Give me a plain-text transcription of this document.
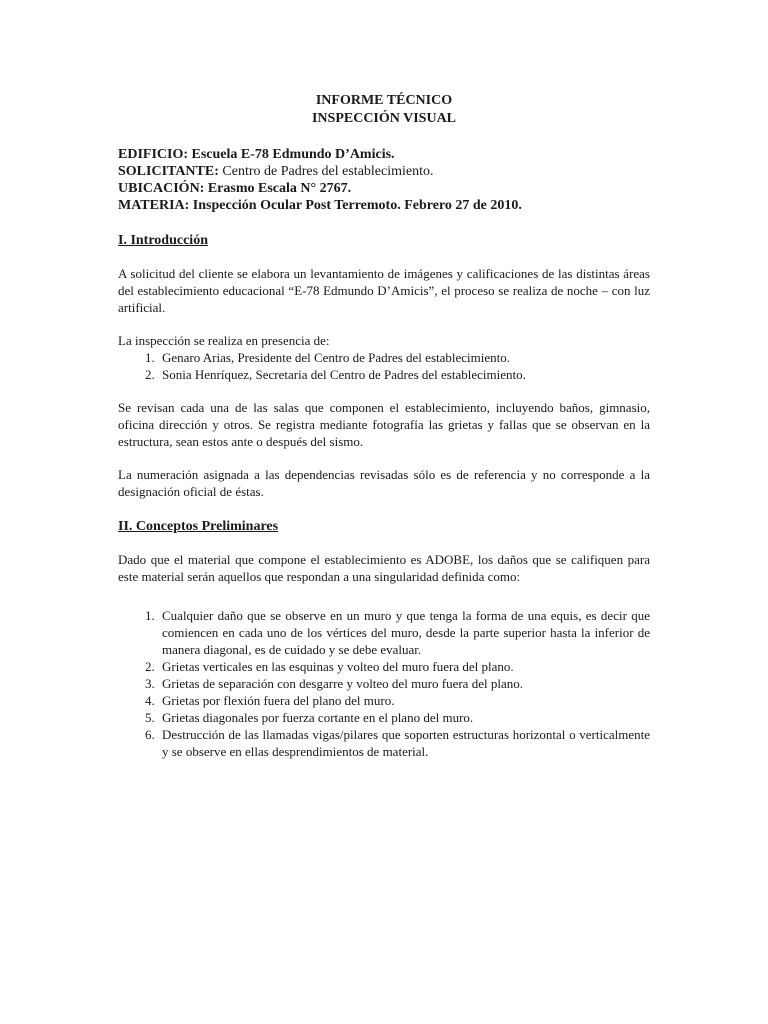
INFORME TÉCNICO
INSPECCIÓN VISUAL
EDIFICIO: Escuela E-78 Edmundo D’Amicis.
SOLICITANTE: Centro de Padres del establecimiento.
UBICACIÓN: Erasmo Escala N° 2767.
MATERIA: Inspección Ocular Post Terremoto. Febrero 27 de 2010.
I. Introducción

A solicitud del cliente se elabora un levantamiento de imágenes y calificaciones de las distintas áreas del establecimiento educacional “E-78 Edmundo D’Amicis”, el proceso se realiza de noche – con luz artificial.

La inspección se realiza en presencia de:

1. Genaro Arias, Presidente del Centro de Padres del establecimiento.
2. Sonia Henríquez, Secretaria del Centro de Padres del establecimiento.

Se revisan cada una de las salas que componen el establecimiento, incluyendo baños, gimnasio, oficina dirección y otros. Se registra mediante fotografía las grietas y fallas que se observan en la estructura, sean estos ante o después del sismo.

La numeración asignada a las dependencias revisadas sólo es de referencia y no corresponde a la designación oficial de éstas.

II. Conceptos Preliminares

Dado que el material que compone el establecimiento es ADOBE, los daños que se califiquen para este material serán aquellos que respondan a una singularidad definida como:

1. Cualquier daño que se observe en un muro y que tenga la forma de una equis, es decir que comiencen en cada uno de los vértices del muro, desde la parte superior hasta la inferior de manera diagonal, es de cuidado y se debe evaluar.
2. Grietas verticales en las esquinas y volteo del muro fuera del plano.
3. Grietas de separación con desgarre y volteo del muro fuera del plano.
4. Grietas por flexión fuera del plano del muro.
5. Grietas diagonales por fuerza cortante en el plano del muro.
6. Destrucción de las llamadas vigas/pilares que soporten estructuras horizontal o verticalmente y se observe en ellas desprendimientos de material.
